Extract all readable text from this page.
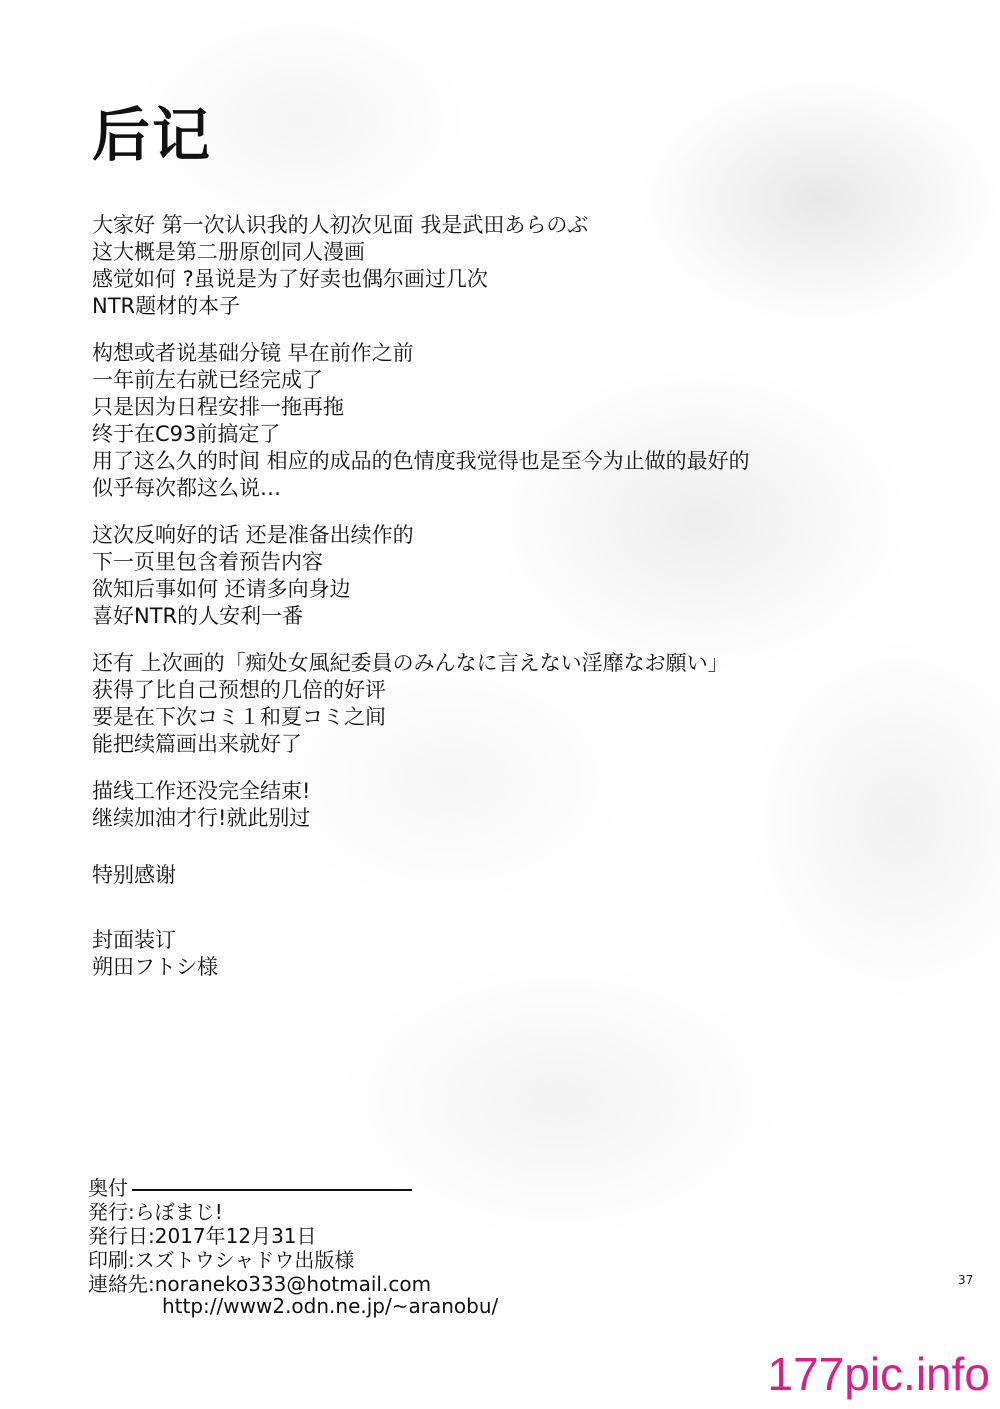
后记
大家好 第一次认识我的人初次见面 我是武田あらのぶ
这大概是第二册原创同人漫画
感觉如何 ?虽说是为了好卖也偶尔画过几次
NTR题材的本子
构想或者说基础分镜 早在前作之前
一年前左右就已经完成了
只是因为日程安排一拖再拖
终于在C93前搞定了
用了这么久的时间 相应的成品的色情度我觉得也是至今为止做的最好的
似乎每次都这么说…
这次反响好的话 还是准备出续作的
下一页里包含着预告内容
欲知后事如何 还请多向身边
喜好NTR的人安利一番
还有 上次画的「痴处女風紀委員のみんなに言えない淫靡なお願い」
获得了比自己预想的几倍的好评
要是在下次コミ１和夏コミ之间
能把续篇画出来就好了
描线工作还没完全结束!
继续加油才行!就此别过
特别感谢
封面装订
朔田フトシ様
奥付
発行:らぼまじ!
発行日:2017年12月31日
印刷:スズトウシャドウ出版様
連絡先:noraneko333@hotmail.com
http://www2.odn.ne.jp/~aranobu/
37
177pic.info
